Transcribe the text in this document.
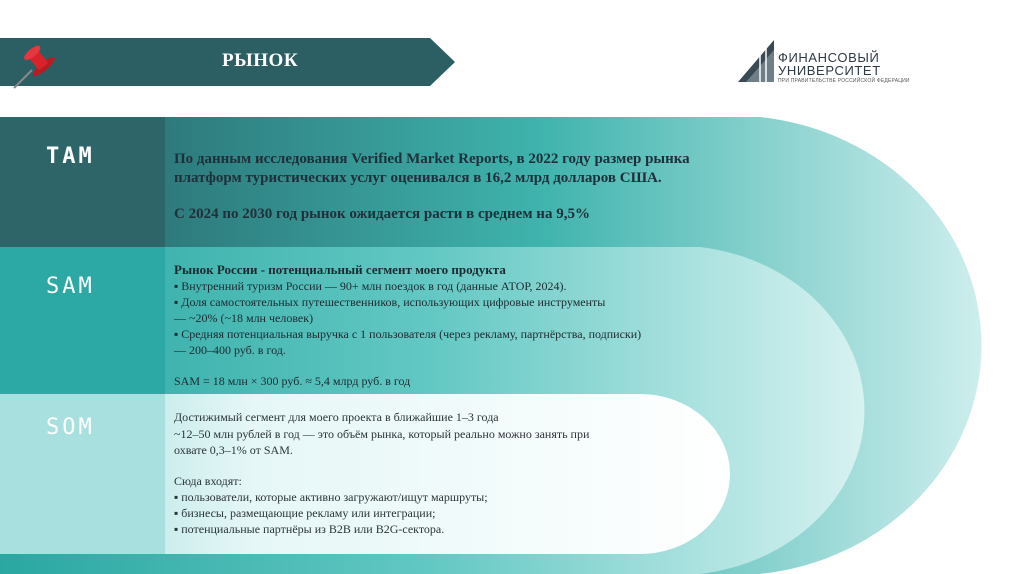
РЫНОК	ФИНАНСОВЫЙ
УНИВЕРСИТЕТ
ПРИ ПРАВИТЕЛЬСТВЕ РОССИЙСКОЙ ФЕДЕРАЦИИ
TAM
SAM
SOM
По данным исследования Verified Market Reports, в 2022 году размер рынка
платформ туристических услуг оценивался в 16,2 млрд долларов США.
С 2024 по 2030 год рынок ожидается расти в среднем на 9,5%
Рынок России - потенциальный сегмент моего продукта
▪ Внутренний туризм России — 90+ млн поездок в год (данные АТОР, 2024).
▪ Доля самостоятельных путешественников, использующих цифровые инструменты
— ~20% (~18 млн человек)
▪ Средняя потенциальная выручка с 1 пользователя (через рекламу, партнёрства, подписки)
— 200–400 руб. в год.
SAM = 18 млн × 300 руб. ≈ 5,4 млрд руб. в год
Достижимый сегмент для моего проекта в ближайшие 1–3 года
~12–50 млн рублей в год — это объём рынка, который реально можно занять при
охвате 0,3–1% от SAM.
Сюда входят:
▪ пользователи, которые активно загружают/ищут маршруты;
▪ бизнесы, размещающие рекламу или интеграции;
▪ потенциальные партнёры из B2B или B2G-сектора.
